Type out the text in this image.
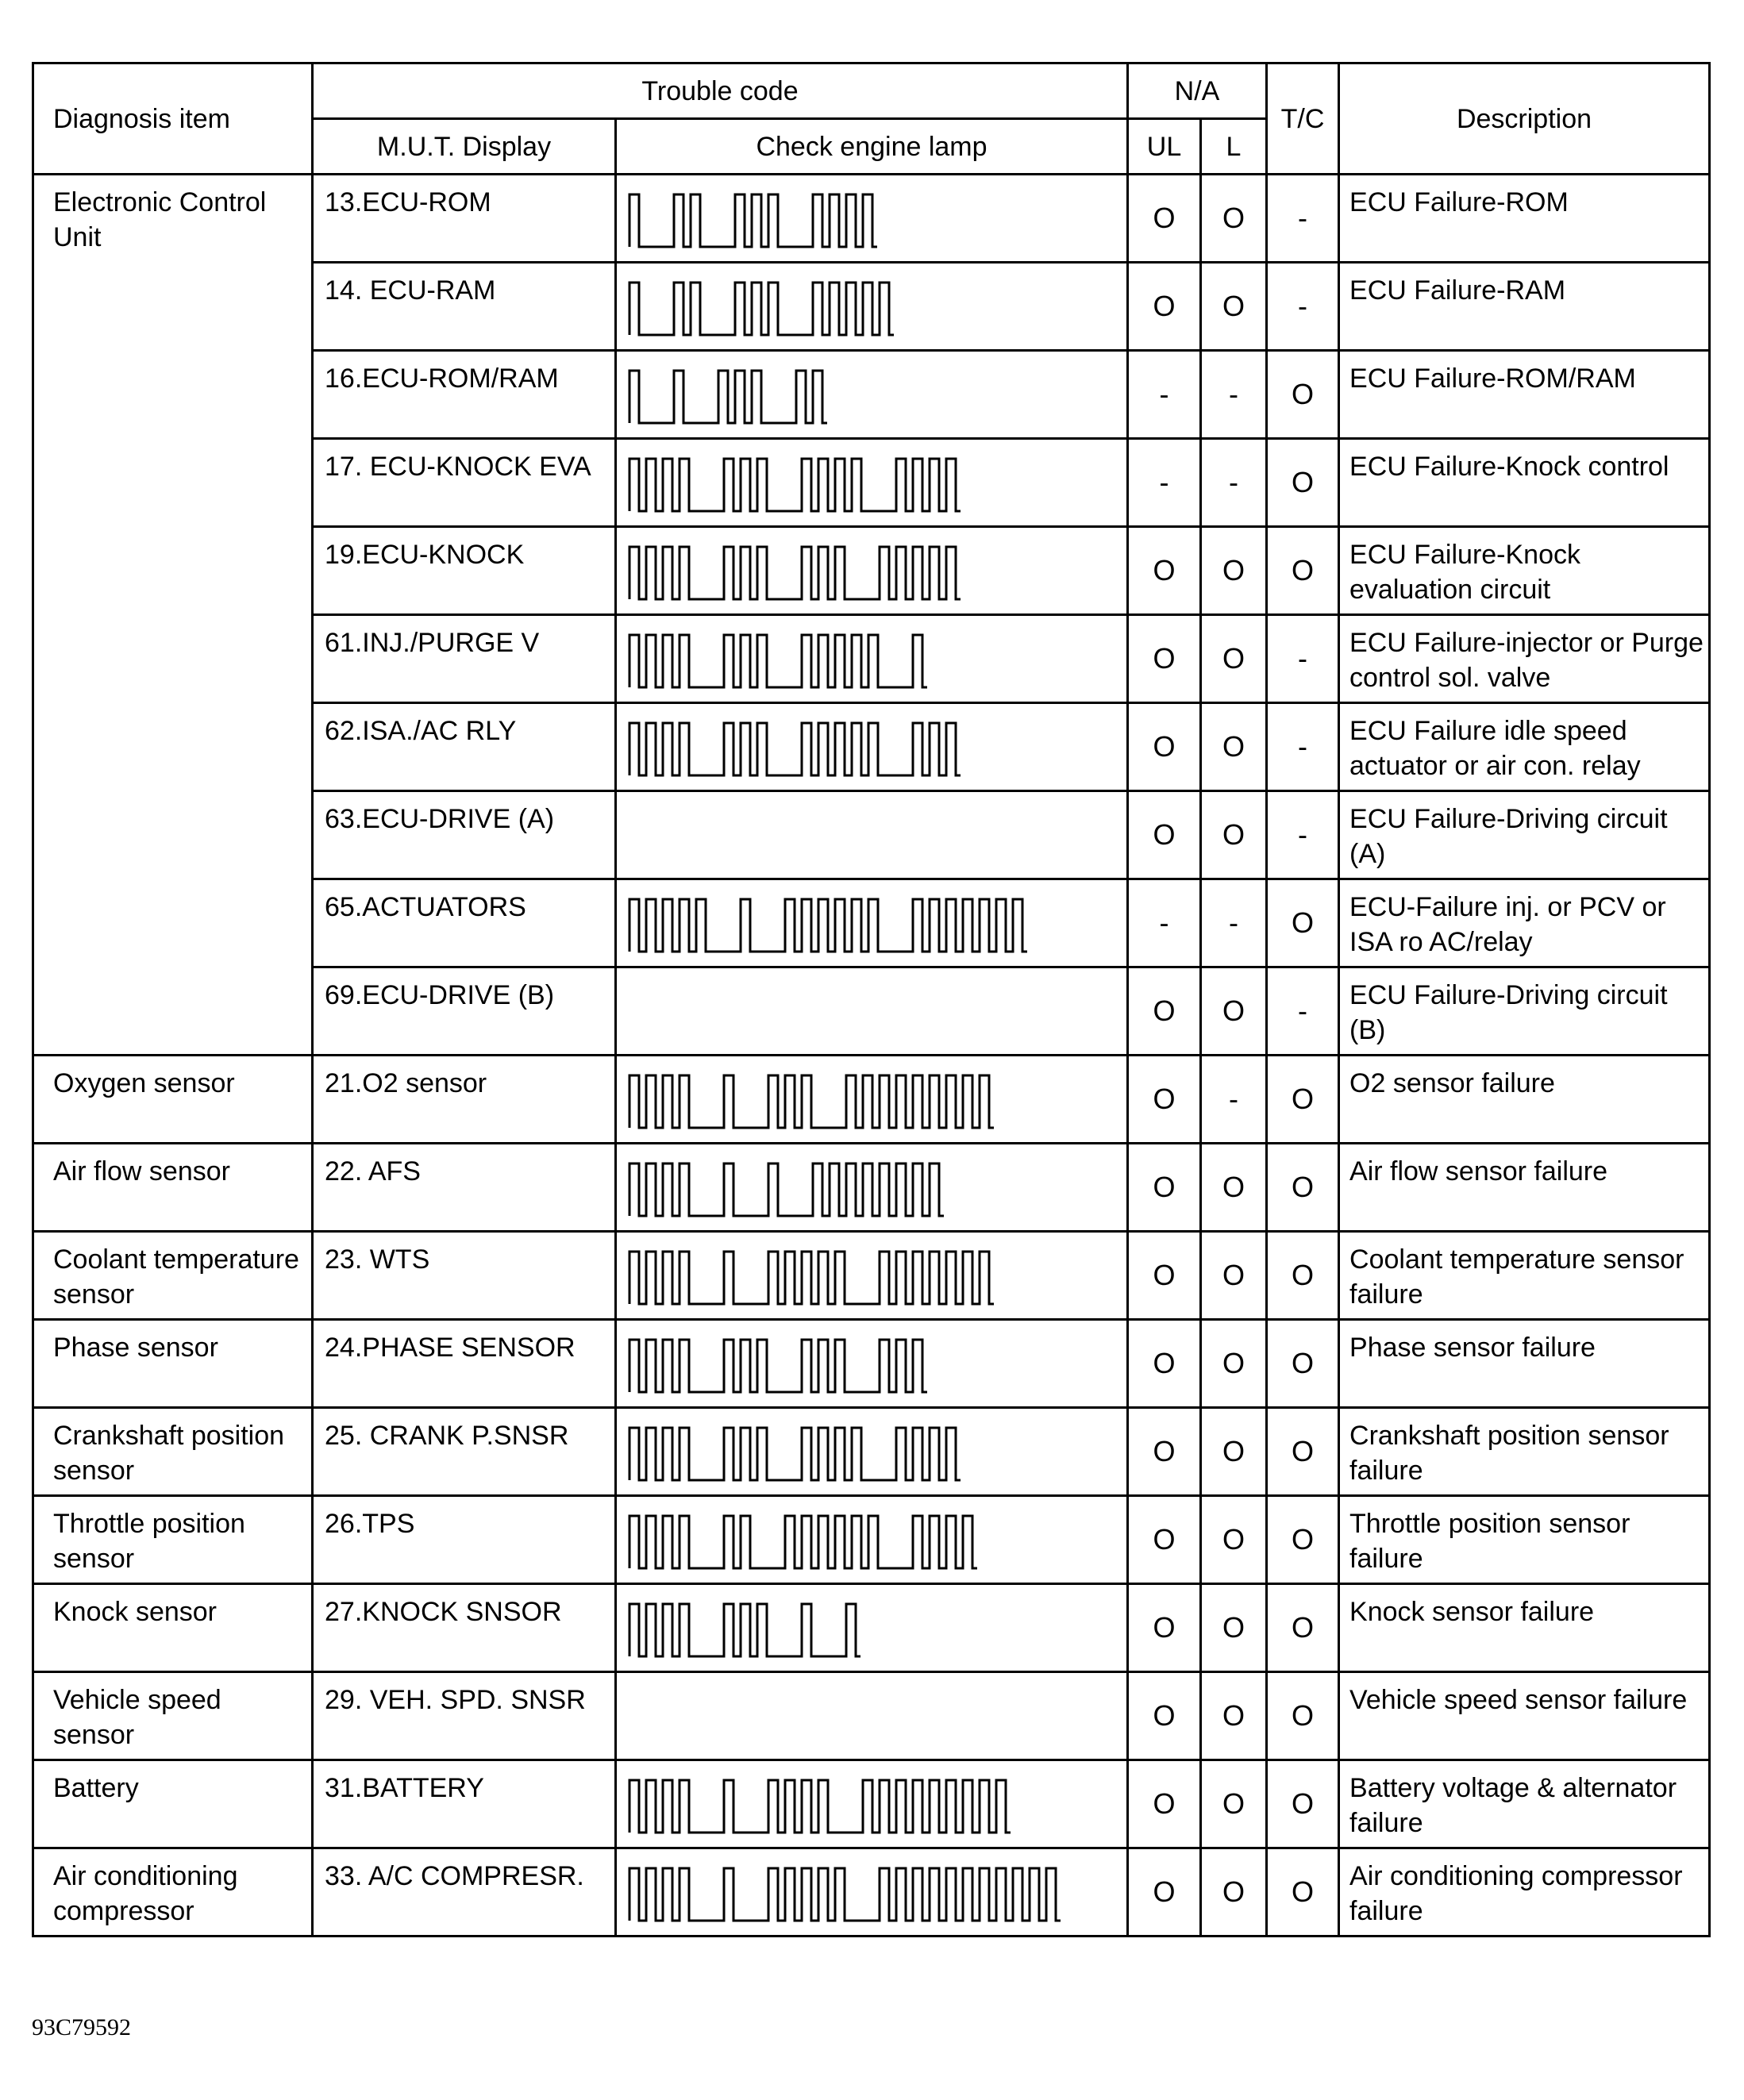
Diagnosis item	Trouble code		N/A		T/C	Description
	M.U.T. Display	Check engine lamp	UL	L		
Electronic Control Unit	13.ECU-ROM		O	O	-	ECU Failure-ROM
	14. ECU-RAM		O	O	-	ECU Failure-RAM
	16.ECU-ROM/RAM		-	-	O	ECU Failure-ROM/RAM
	17. ECU-KNOCK EVA		-	-	O	ECU Failure-Knock control
	19.ECU-KNOCK		O	O	O	ECU Failure-Knock evaluation circuit
	61.INJ./PURGE V		O	O	-	ECU Failure-injector or Purge control sol. valve
	62.ISA./AC RLY		O	O	-	ECU Failure idle speed actuator or air con. relay
	63.ECU-DRIVE (A)		O	O	-	ECU Failure-Driving circuit (A)
	65.ACTUATORS		-	-	O	ECU-Failure inj. or PCV or ISA ro AC/relay
	69.ECU-DRIVE (B)		O	O	-	ECU Failure-Driving circuit (B)
Oxygen sensor	21.O2 sensor		O	-	O	O2 sensor failure
Air flow sensor	22. AFS		O	O	O	Air flow sensor failure
Coolant temperature sensor	23. WTS		O	O	O	Coolant temperature sensor failure
Phase sensor	24.PHASE SENSOR		O	O	O	Phase sensor failure
Crankshaft position sensor	25. CRANK P.SNSR		O	O	O	Crankshaft position sensor failure
Throttle position sensor	26.TPS		O	O	O	Throttle position sensor failure
Knock sensor	27.KNOCK SNSOR		O	O	O	Knock sensor failure
Vehicle speed sensor	29. VEH. SPD. SNSR		O	O	O	Vehicle speed sensor failure
Battery	31.BATTERY		O	O	O	Battery voltage & alternator failure
Air conditioning compressor	33. A/C COMPRESR.		O	O	O	Air conditioning compressor failure
93C79592
